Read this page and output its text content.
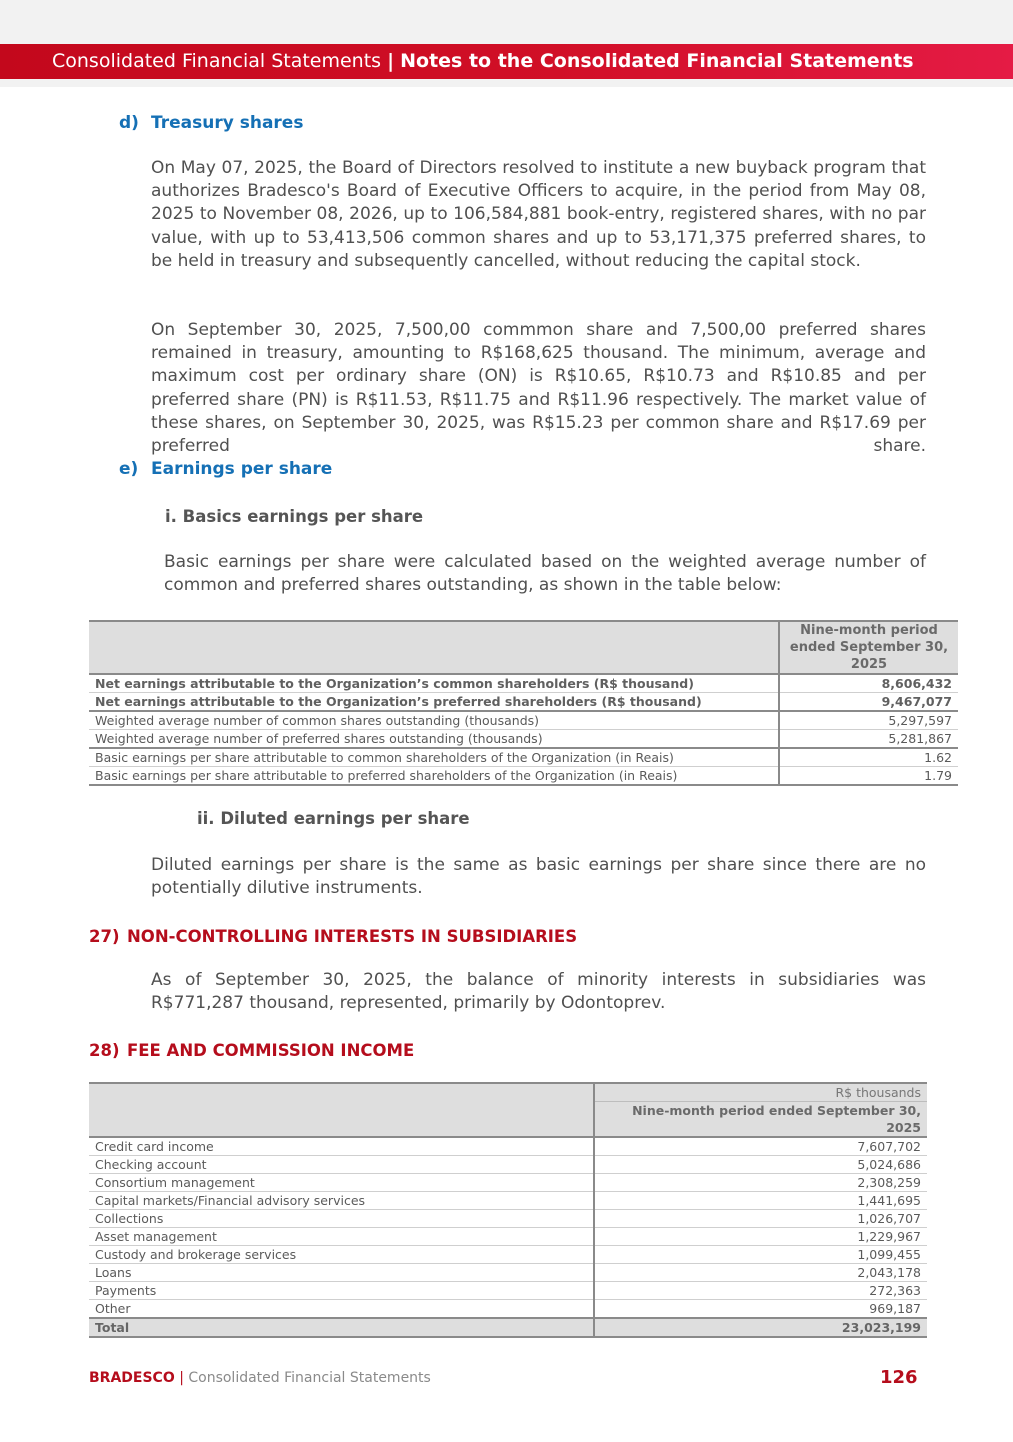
Consolidated Financial Statements | Notes to the Consolidated Financial Statements
d) Treasury shares

On May 07, 2025, the Board of Directors resolved to institute a new buyback program that authorizes Bradesco's Board of Executive Officers to acquire, in the period from May 08, 2025 to November 08, 2026, up to 106,584,881 book-entry, registered shares, with no par value, with up to 53,413,506 common shares and up to 53,171,375 preferred shares, to be held in treasury and subsequently cancelled, without reducing the capital stock.

On September 30, 2025, 7,500,00 commmon share and 7,500,00 preferred shares remained in treasury, amounting to R$168,625 thousand. The minimum, average and maximum cost per ordinary share (ON) is R$10.65, R$10.73 and R$10.85 and per preferred share (PN) is R$11.53, R$11.75 and R$11.96 respectively. The market value of these shares, on September 30, 2025, was R$15.23 per common share and R$17.69 per preferred share.

e) Earnings per share
i. Basics earnings per share

Basic earnings per share were calculated based on the weighted average number of common and preferred shares outstanding, as shown in the table below:

	Nine-month period ended September 30, 2025
Net earnings attributable to the Organization’s common shareholders (R$ thousand)	8,606,432
Net earnings attributable to the Organization’s preferred shareholders (R$ thousand)	9,467,077
Weighted average number of common shares outstanding (thousands)	5,297,597
Weighted average number of preferred shares outstanding (thousands)	5,281,867
Basic earnings per share attributable to common shareholders of the Organization (in Reais)	1.62
Basic earnings per share attributable to preferred shareholders of the Organization (in Reais)	1.79
ii. Diluted earnings per share

Diluted earnings per share is the same as basic earnings per share since there are no potentially dilutive instruments.

27) NON-CONTROLLING INTERESTS IN SUBSIDIARIES

As of September 30, 2025, the balance of minority interests in subsidiaries was R$771,287 thousand, represented, primarily by Odontoprev.

28) FEE AND COMMISSION INCOME
	R$ thousands
	Nine-month period ended September 30, 2025
Credit card income	7,607,702
Checking account	5,024,686
Consortium management	2,308,259
Capital markets/Financial advisory services	1,441,695
Collections	1,026,707
Asset management	1,229,967
Custody and brokerage services	1,099,455
Loans	2,043,178
Payments	272,363
Other	969,187
Total	23,023,199
BRADESCO | Consolidated Financial Statements	126
